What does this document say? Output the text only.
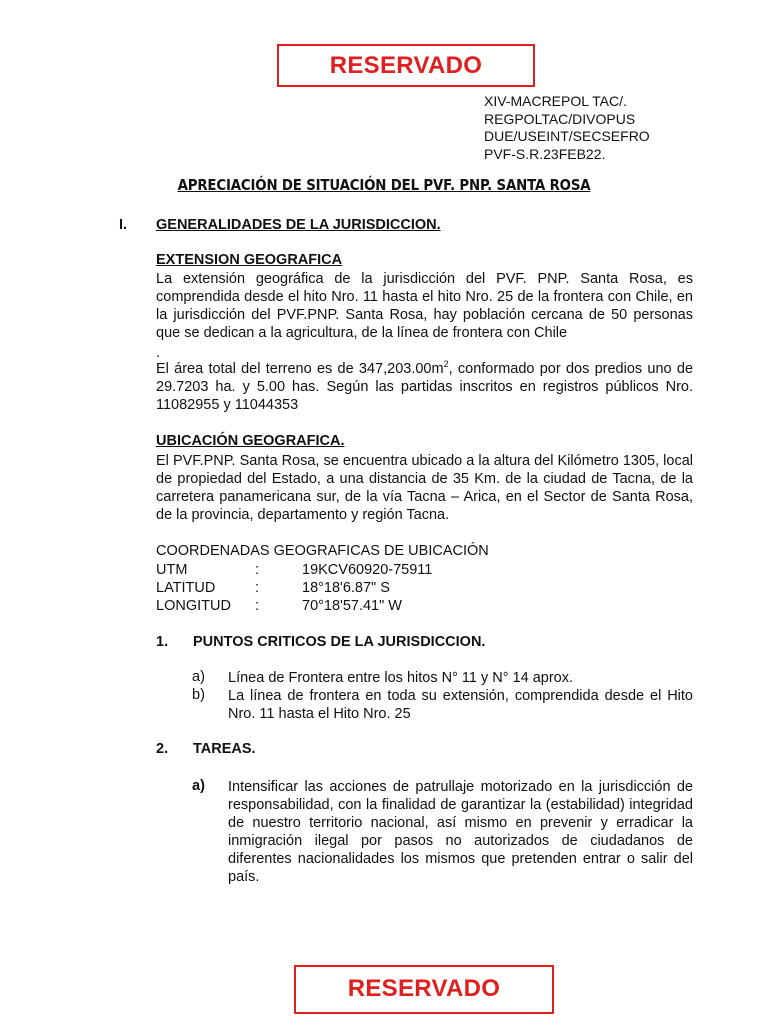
RESERVADO
XIV-MACREPOL TAC/.
REGPOLTAC/DIVOPUS
DUE/USEINT/SECSEFRO
PVF-S.R.23FEB22.
APRECIACIÓN DE SITUACIÓN DEL PVF. PNP. SANTA ROSA
I. GENERALIDADES DE LA JURISDICCION.
EXTENSION GEOGRAFICA

La extensión geográfica de la jurisdicción del PVF. PNP. Santa Rosa, es comprendida desde el hito Nro. 11 hasta el hito Nro. 25 de la frontera con Chile, en la jurisdicción del PVF.PNP. Santa Rosa, hay población cercana de 50 personas que se dedican a la agricultura, de la línea de frontera con Chile

.

El área total del terreno es de $347,203.00m^2$, conformado por dos predios uno de 29.7203 ha. y 5.00 has. Según las partidas inscritos en registros públicos Nro. 11082955 y 11044353

UBICACIÓN GEOGRAFICA.

El PVF.PNP. Santa Rosa, se encuentra ubicado a la altura del Kilómetro 1305, local de propiedad del Estado, a una distancia de 35 Km. de la ciudad de Tacna, de la carretera panamericana sur, de la vía Tacna – Arica, en el Sector de Santa Rosa, de la provincia, departamento y región Tacna.

COORDENADAS GEOGRAFICAS DE UBICACIÓN
UTM	:	19KCV60920-75911
LATITUD	:	18°18'6.87" S
LONGITUD :	70°18'57.41" W
1. PUNTOS CRITICOS DE LA JURISDICCION.
a) Línea de Frontera entre los hitos N° 11 y N° 14 aprox.
b) La línea de frontera en toda su extensión, comprendida desde el Hito Nro. 11 hasta el Hito Nro. 25
2. TAREAS.
a) Intensificar las acciones de patrullaje motorizado en la jurisdicción de responsabilidad, con la finalidad de garantizar la (estabilidad) integridad de nuestro territorio nacional, así mismo en prevenir y erradicar la inmigración ilegal por pasos no autorizados de ciudadanos de diferentes nacionalidades los mismos que pretenden entrar o salir del país.
RESERVADO
